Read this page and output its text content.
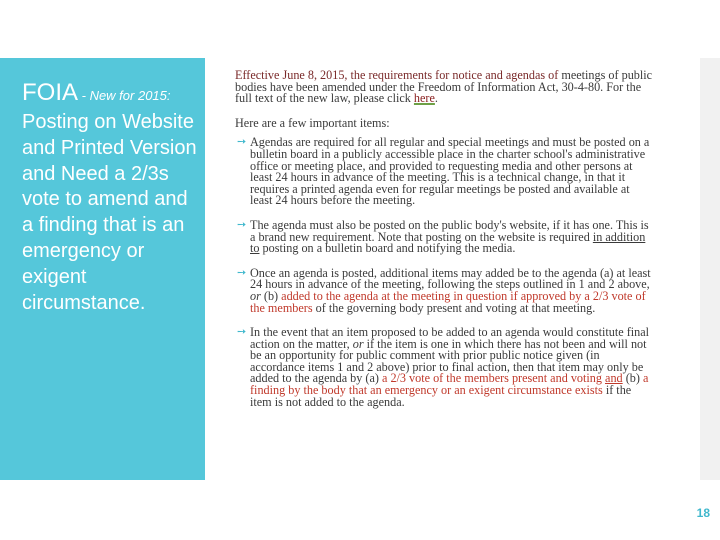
FOIA - New for 2015:
Posting on Website and Printed Version and Need a 2/3s vote to amend and a finding that is an emergency or exigent circumstance.
Effective June 8, 2015, the requirements for notice and agendas of meetings of public bodies have been amended under the Freedom of Information Act, 30-4-80. For the full text of the new law, please click here.
Here are a few important items:
➙ Agendas are required for all regular and special meetings and must be posted on a bulletin board in a publicly accessible place in the charter school's administrative office or meeting place, and provided to requesting media and other persons at least 24 hours in advance of the meeting. This is a technical change, in that it requires a printed agenda even for regular meetings be posted and available at least 24 hours before the meeting.
➙ The agenda must also be posted on the public body's website, if it has one. This is a brand new requirement. Note that posting on the website is required in addition to posting on a bulletin board and notifying the media.
➙ Once an agenda is posted, additional items may added be to the agenda (a) at least 24 hours in advance of the meeting, following the steps outlined in 1 and 2 above, or (b) added to the agenda at the meeting in question if approved by a 2/3 vote of the members of the governing body present and voting at that meeting.
➙ In the event that an item proposed to be added to an agenda would constitute final action on the matter, or if the item is one in which there has not been and will not be an opportunity for public comment with prior public notice given (in accordance items 1 and 2 above) prior to final action, then that item may only be added to the agenda by (a) a 2/3 vote of the members present and voting and (b) a finding by the body that an emergency or an exigent circumstance exists if the item is not added to the agenda.
18
